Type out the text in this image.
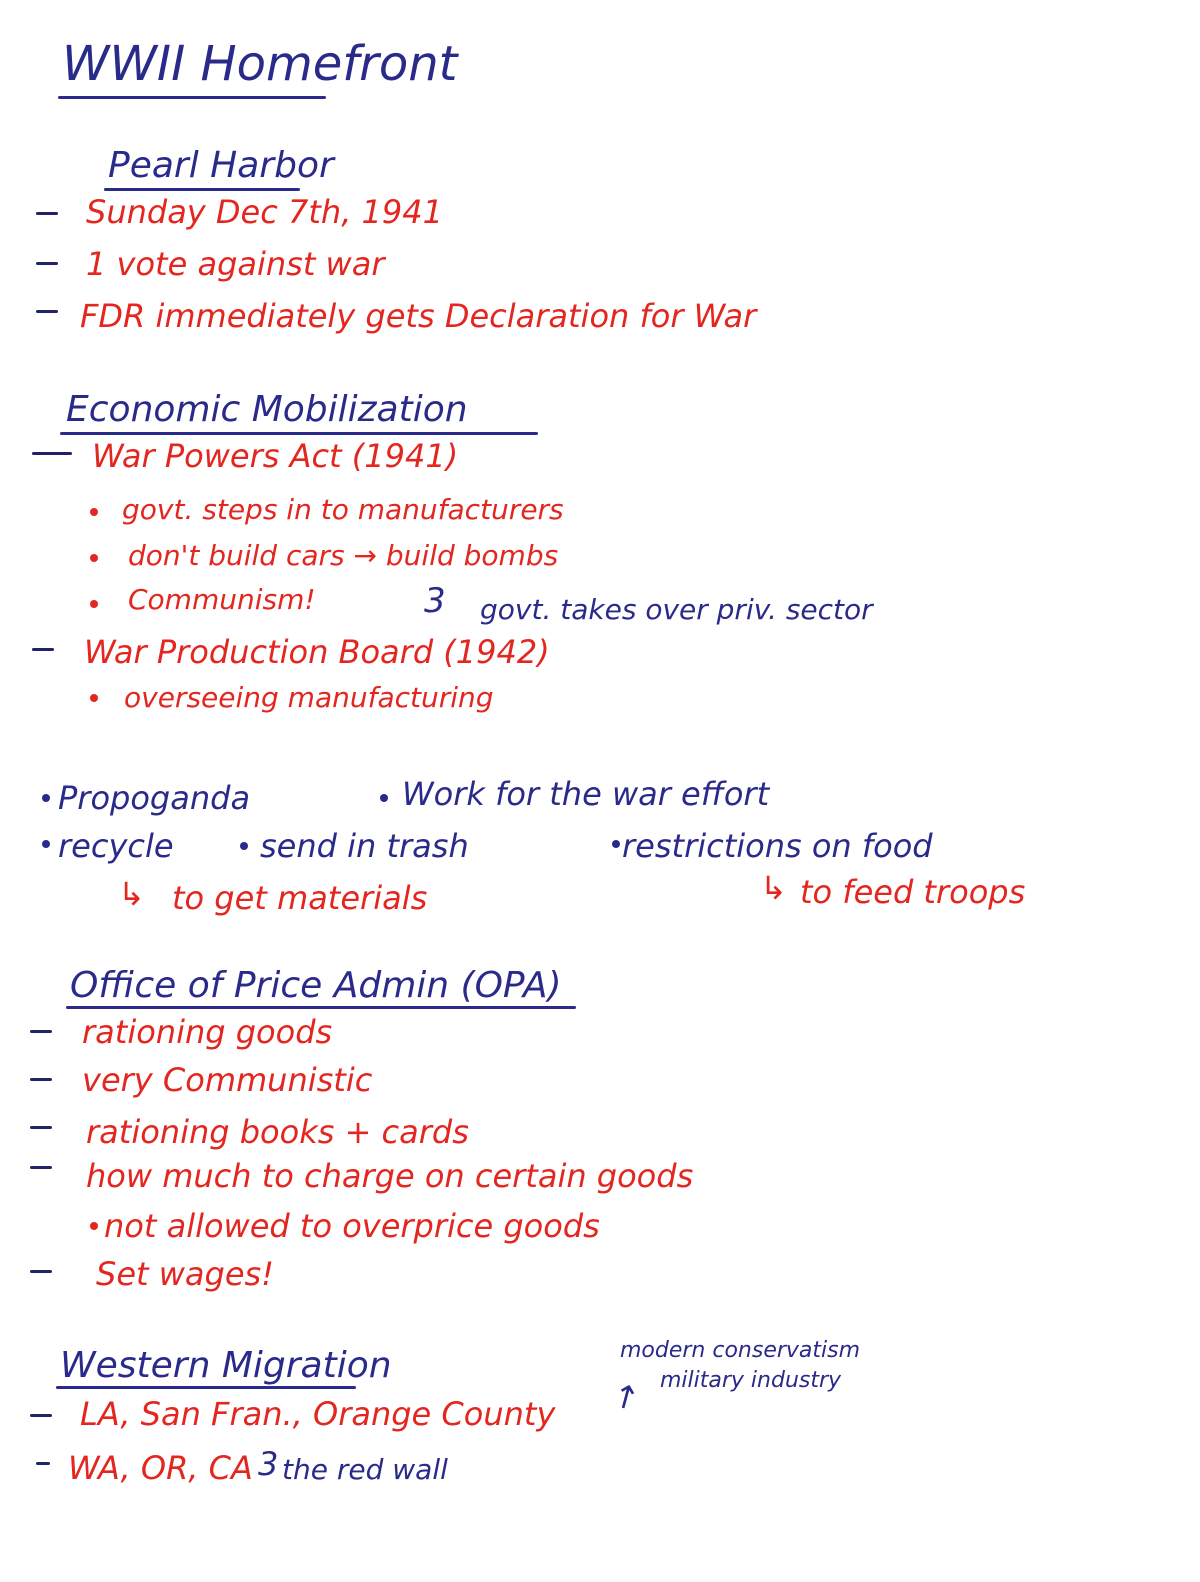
WWII Homefront
Pearl Harbor
Sunday Dec 7th, 1941
1 vote against war
FDR immediately gets Declaration for War
Economic Mobilization
War Powers Act (1941)
govt. steps in to manufacturers
don't build cars → build bombs
Communism!	3 govt. takes over priv. sector
War Production Board (1942)
overseeing manufacturing
Propoganda	Work for the war effort
recycle	send in trash	restrictions on food
↳ to get materials	↳ to feed troops
Office of Price Admin (OPA)
rationing goods
very Communistic
rationing books + cards
how much to charge on certain goods
not allowed to overprice goods
Set wages!
Western Migration	modern conservatism
military industry
↗
LA, San Fran., Orange County
WA, OR, CA 3 the red wall
